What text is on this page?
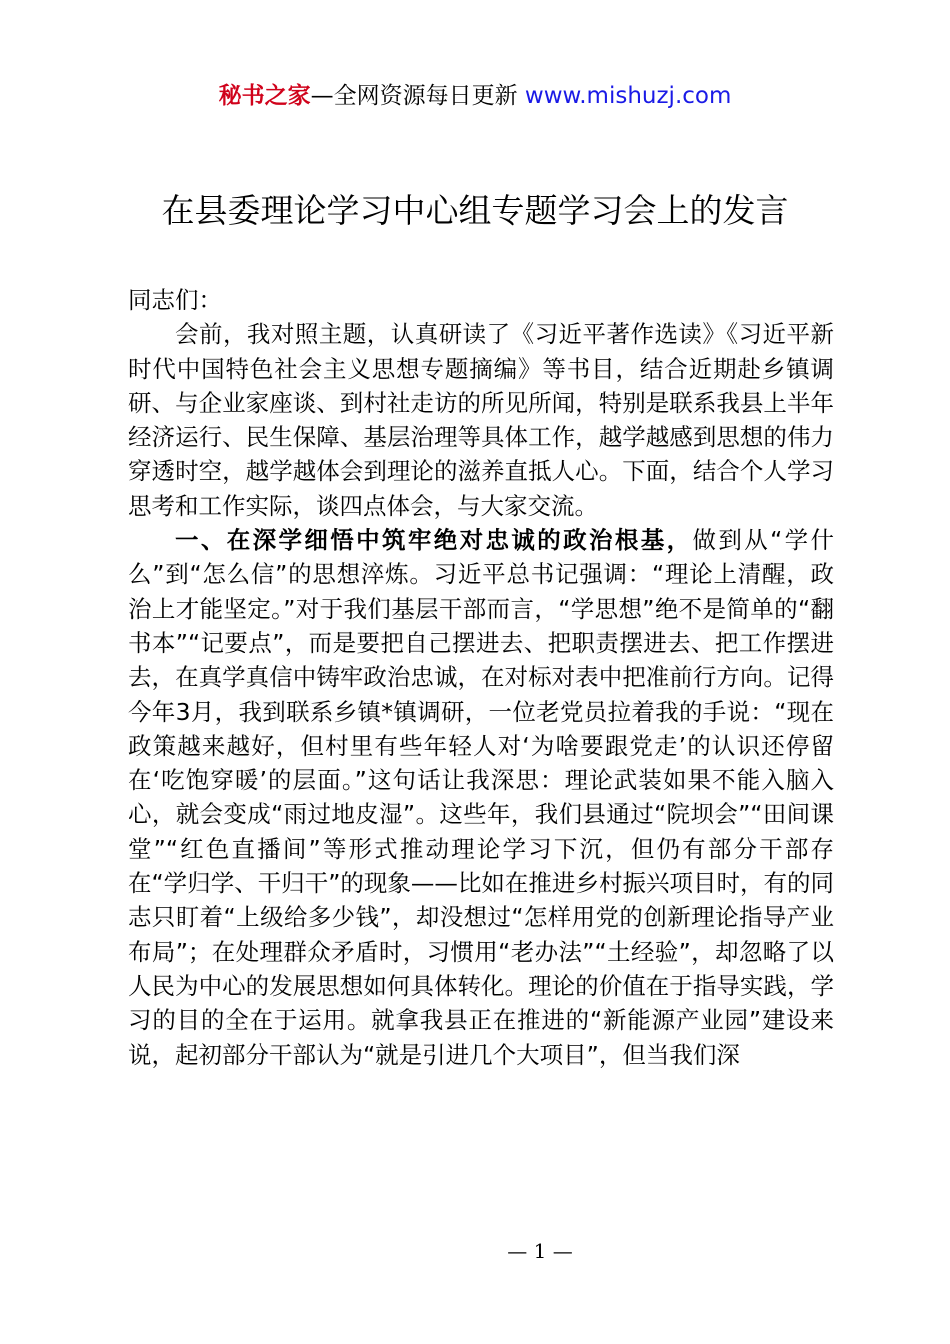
秘书之家—全网资源每日更新 www.mishuzj.com
在县委理论学习中心组专题学习会上的发言

同志们：

会前，我对照主题，认真研读了《习近平著作选读》《习近平新时代中国特色社会主义思想专题摘编》等书目，结合近期赴乡镇调研、与企业家座谈、到村社走访的所见所闻，特别是联系我县上半年经济运行、民生保障、基层治理等具体工作，越学越感到思想的伟力穿透时空，越学越体会到理论的滋养直抵人心。下面，结合个人学习思考和工作实际，谈四点体会，与大家交流。

一、在深学细悟中筑牢绝对忠诚的政治根基，做到从“学什么”到“怎么信”的思想淬炼。习近平总书记强调：“理论上清醒，政治上才能坚定。”对于我们基层干部而言，“学思想”绝不是简单的“翻书本”“记要点”，而是要把自己摆进去、把职责摆进去、把工作摆进去，在真学真信中铸牢政治忠诚，在对标对表中把准前行方向。记得今年3月，我到联系乡镇*镇调研，一位老党员拉着我的手说：“现在政策越来越好，但村里有些年轻人对‘为啥要跟党走’的认识还停留在‘吃饱穿暖’的层面。”这句话让我深思：理论武装如果不能入脑入心，就会变成“雨过地皮湿”。这些年，我们县通过“院坝会”“田间课堂”“红色直播间”等形式推动理论学习下沉，但仍有部分干部存在“学归学、干归干”的现象——比如在推进乡村振兴项目时，有的同志只盯着“上级给多少钱”，却没想过“怎样用党的创新理论指导产业布局”；在处理群众矛盾时，习惯用“老办法”“土经验”，却忽略了以人民为中心的发展思想如何具体转化。理论的价值在于指导实践，学习的目的全在于运用。就拿我县正在推进的“新能源产业园”建设来说，起初部分干部认为“就是引进几个大项目”，但当我们深

— 1 —
